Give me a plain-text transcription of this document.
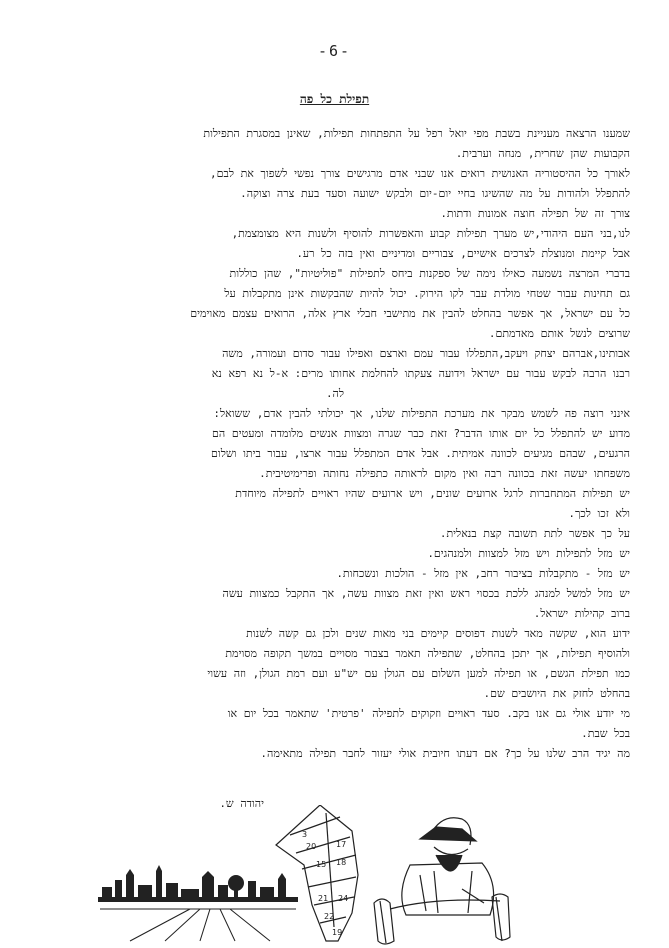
-6-
תפילת כל פה
שמענו הרצאה מעניינת בשבת מפי יואל רפל על התפתחות תפילות, שאינן במסגרת התפילות
הקבועות שהן שחרית, מנחה וערבית.
לאורך כל ההיסטוריה האנושית רואים אנו שבני אדם מרגישים צורך נפשי לשפוך את לבם,
להתפלל ולהודות על מה שהשיגו בחיי יום-יום ולבקש ישועה וסעד בעת צרה וצוקה.
צורך זה של תפילה חוצה אמונות ודתות.
לנו,בני העם היהודי,יש מערך תפילות קבוע והאפשרות להוסיף ולשנות היא מצומצמת,
אבל קיימת ומנוצלת לצרכים אישיים, צבוריים ומדיניים ואין בזה כל רע.
בדברי המרצה נשמעה כאילו נימה של ספקנות ביחס לתפילות "פוליטיות", שהן כוללות
גם תחינות עבור שטחי מולדת עבר לקו הירוק. יכול להיות שהבקשות אינן מתקבלות על
כל עם ישראל, אך אפשר בהחלט להבין את מתישבי חבלי ארץ אלה, הרואים עצמם מאוימים
שרוצים לנשל אותם מאדמתם.
אבותינו,אברהם יצחק ויעקב,התפללו עבור עמם וארצם ואפילו עבור סדום ועמורה, משה
רבנו הרבה לבקש עבור עם ישראל וידועה צעקתו להחלמת אחותו מרים: א-ל נא רפא נא
לה.
אינני רוצה פה לשמש מבקר את מערכת התפילות שלנו, אך יכולתי להבין אדם, ששואל:
מדוע יש להתפלל כל יום אותו הדבר? זאת כבר שגרה ומצוות אנשים מלומדה ומעטים הם
הרגעים, שבהם מגיעים לכוונה אמיתית. אבל אדם המתפלל עבור ארצו, עבור ביתו ושלום
משפחתו יעשה זאת בכוונה רבה ואין מקום לראותה כתפילה נחותה ופרימיטיבית.
יש תפילות המתחברות לרגל ארועים שונים, ויש ארועים שהיו ראויים לתפילה מיוחדת
ולא זכו לכך.
על כך אפשר לתת תשובה קצת בנאלית.
יש מזל לתפילות ויש מזל למצוות ולמנהגים.
יש מזל - מתקבלות בציבור רחב, אין מזל - הולכות ונשכחות.
יש מזל למשל למנהג ללכת בכסוי ראש ואין זאת מצוות עשה, אך התקבל כמצוות עשה
ברוב קהילות ישראל.
ידוע הוא, שקשה מאד לשנות דפוסים קיימים בני מאות שנים ולכן גם קשה לשנות
ולהוסיף תפילות, אך יתכן בהחלט, שתפילה תאמר בצבור מסויים במשך תקופה מסוימת
כמו תפילת הגשם, או תפילה למען השלום עם הגולן עם יש"ע ועם רמת הגולן, וזה עשוי
בהחלט לחזק את היושבים שם.
מי יודע אולי גם אנו בקב. סעד ראויים וזקוקים לתפילה 'פרטית' שתאמר בכל יום או
בכל שבת.
מה יגיד הרב שלנו על כך? אם דעתו חיובית אולי יעזור לחבר תפילה מתאימה.
יהודה ש.
3
20 17
18
15
21 24
22
19
